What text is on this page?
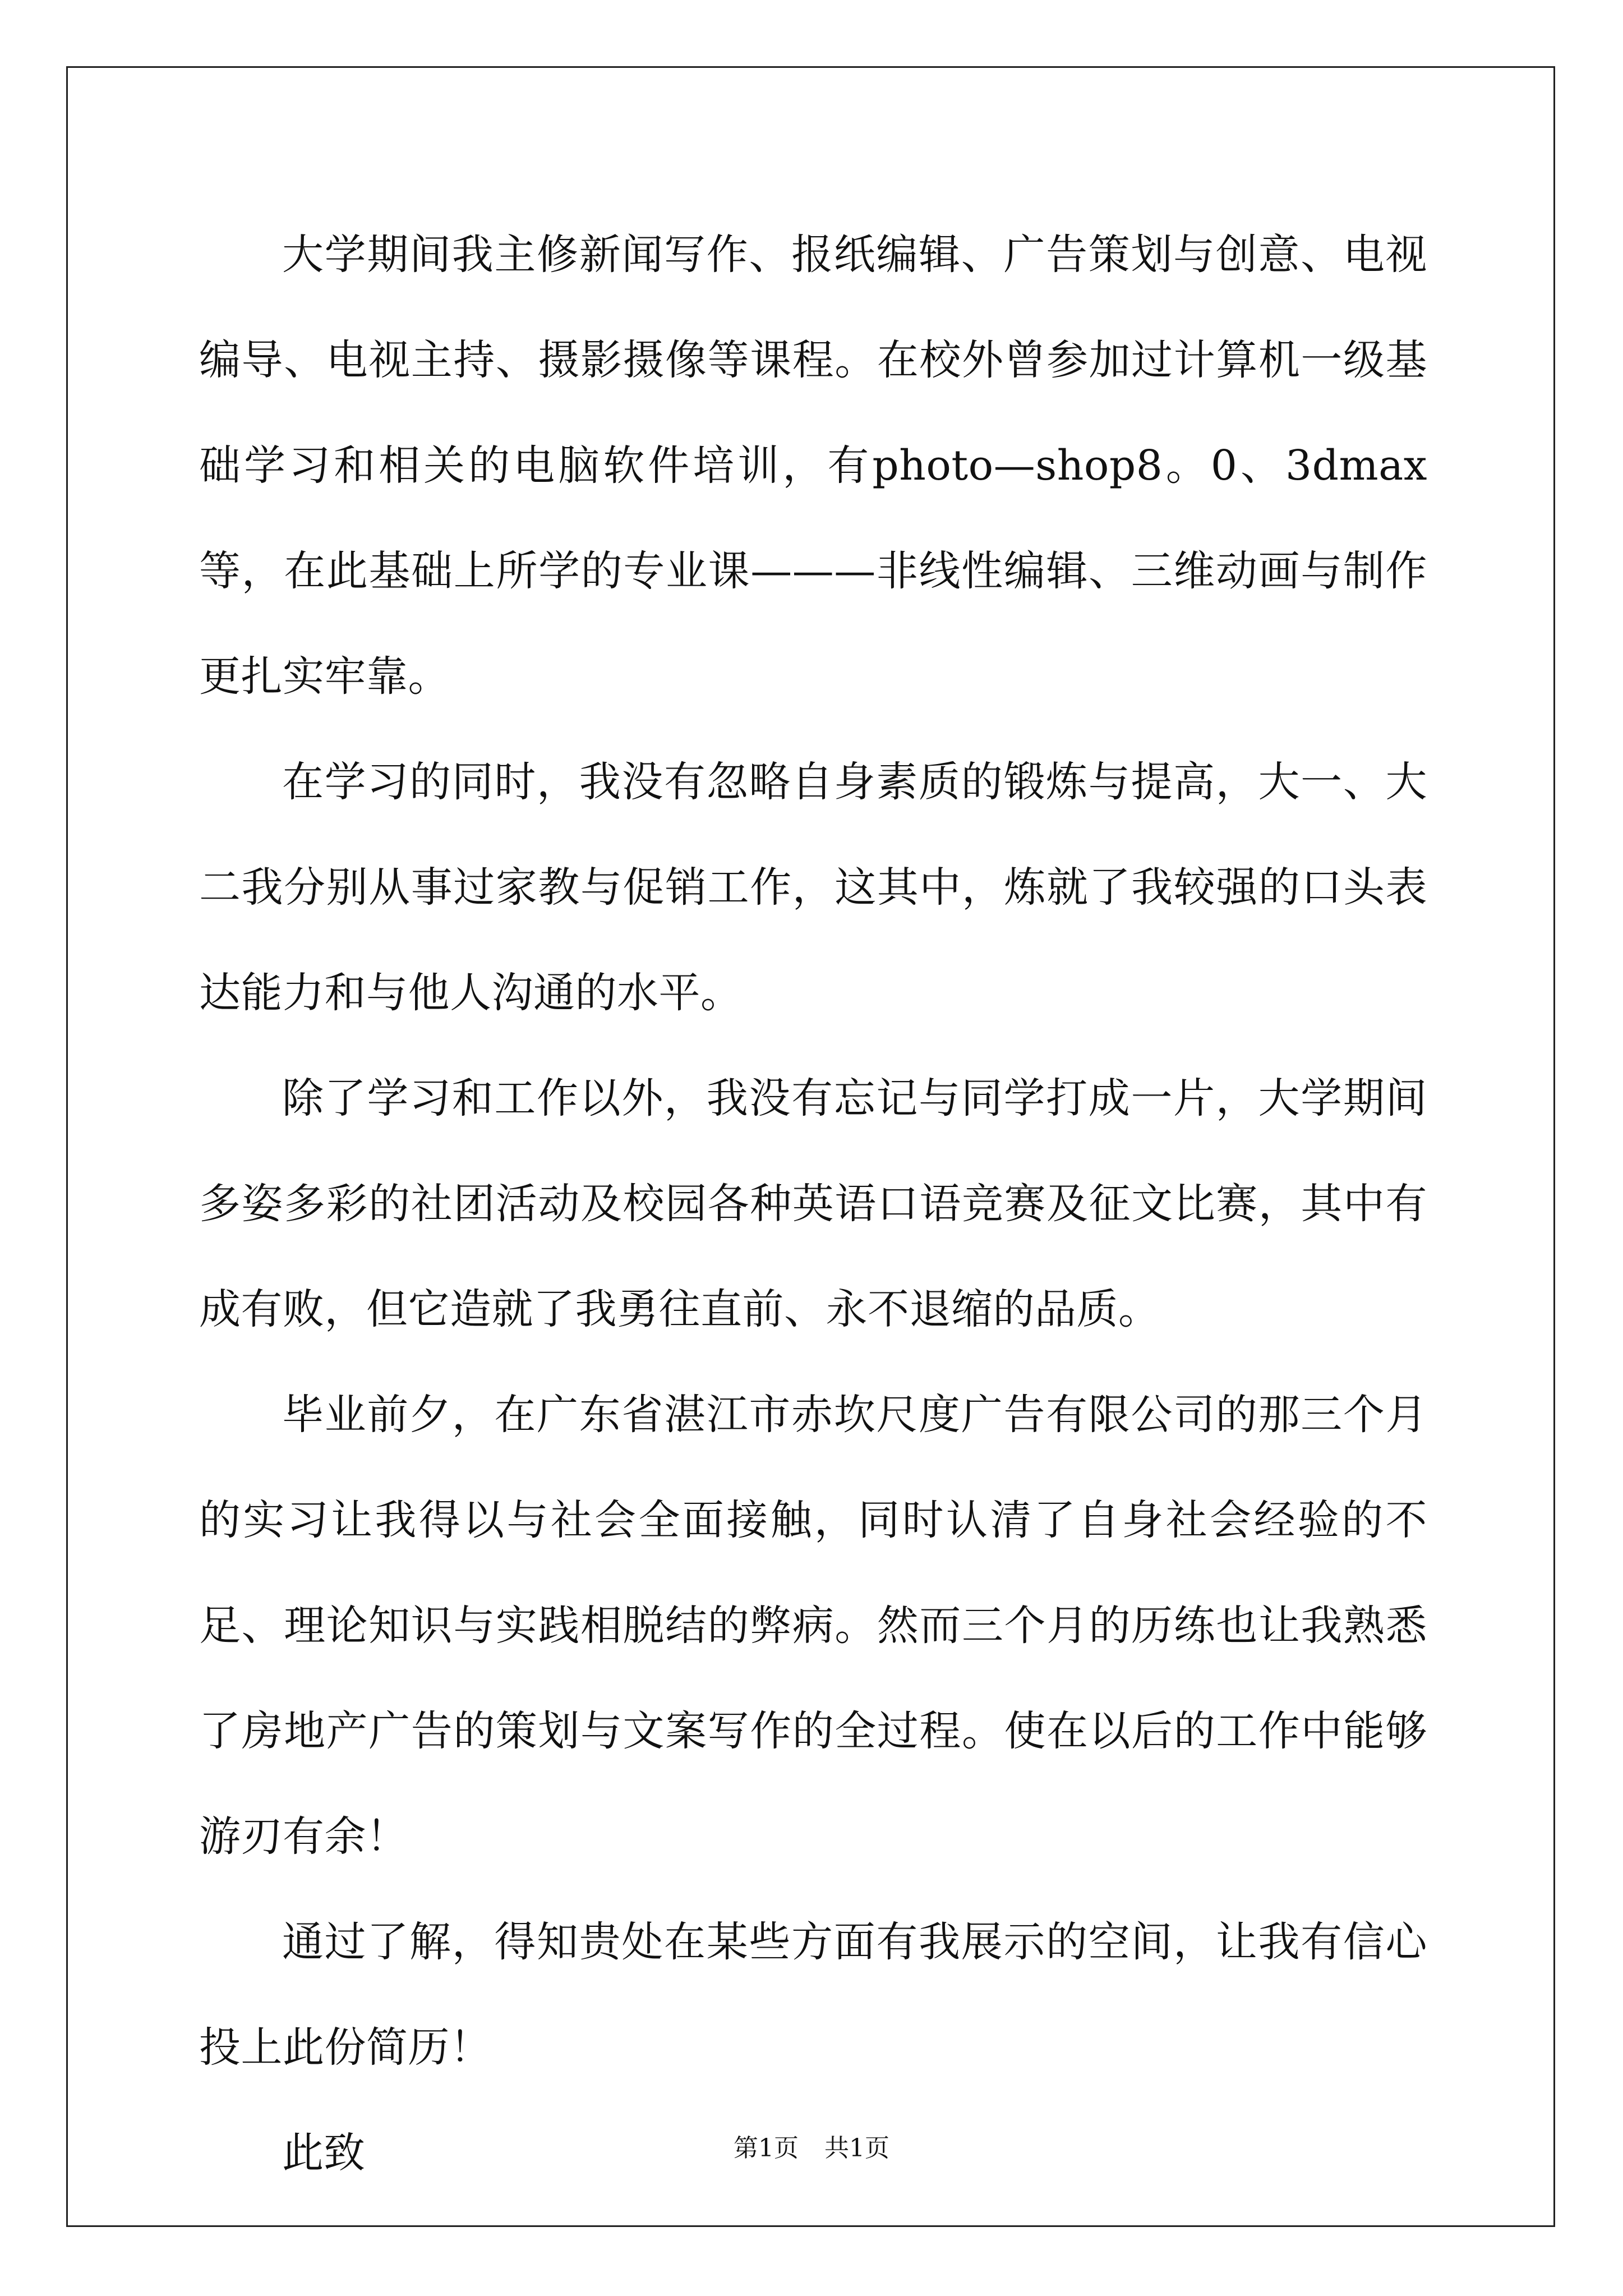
大学期间我主修新闻写作、报纸编辑、广告策划与创意、电视编导、电视主持、摄影摄像等课程。在校外曾参加过计算机一级基础学习和相关的电脑软件培训，有photo—shop8。0、3dmax等，在此基础上所学的专业课———非线性编辑、三维动画与制作更扎实牢靠。

在学习的同时，我没有忽略自身素质的锻炼与提高，大一、大二我分别从事过家教与促销工作，这其中，炼就了我较强的口头表达能力和与他人沟通的水平。

除了学习和工作以外，我没有忘记与同学打成一片，大学期间多姿多彩的社团活动及校园各种英语口语竞赛及征文比赛，其中有成有败，但它造就了我勇往直前、永不退缩的品质。

毕业前夕，在广东省湛江市赤坎尺度广告有限公司的那三个月的实习让我得以与社会全面接触，同时认清了自身社会经验的不足、理论知识与实践相脱结的弊病。然而三个月的历练也让我熟悉了房地产广告的策划与文案写作的全过程。使在以后的工作中能够游刃有余！

通过了解，得知贵处在某些方面有我展示的空间，让我有信心投上此份简历！

此致	第1页 共1页
